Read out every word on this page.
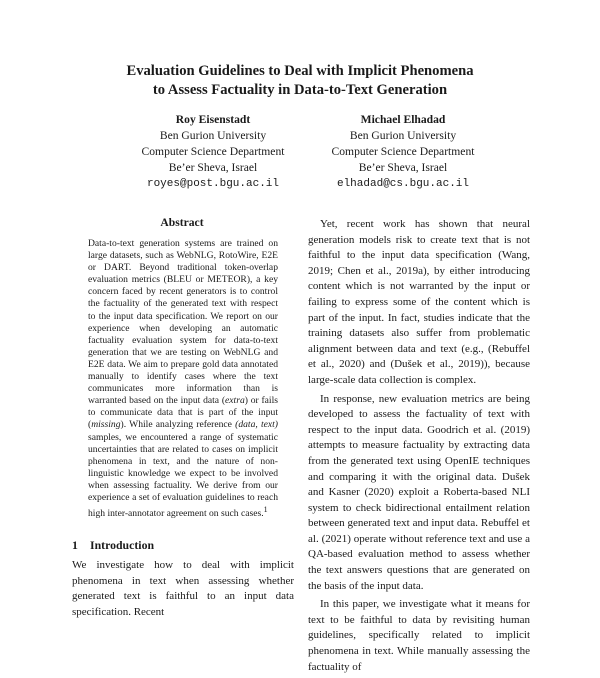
Evaluation Guidelines to Deal with Implicit Phenomena
to Assess Factuality in Data-to-Text Generation
Roy Eisenstadt
Ben Gurion University
Computer Science Department
Be’er Sheva, Israel
royes@post.bgu.ac.il
Michael Elhadad
Ben Gurion University
Computer Science Department
Be’er Sheva, Israel
elhadad@cs.bgu.ac.il
Abstract
Data-to-text generation systems are trained on large datasets, such as WebNLG, RotoWire, E2E or DART. Beyond traditional token-overlap evaluation metrics (BLEU or METEOR), a key concern faced by recent generators is to control the factuality of the generated text with respect to the input data specification. We report on our experience when developing an automatic factuality evaluation system for data-to-text generation that we are testing on WebNLG and E2E data. We aim to prepare gold data annotated manually to identify cases where the text communicates more information than is warranted based on the input data (extra) or fails to communicate data that is part of the input (missing). While analyzing reference (data, text) samples, we encountered a range of systematic uncertainties that are related to cases on implicit phenomena in text, and the nature of non-linguistic knowledge we expect to be involved when assessing factuality. We derive from our experience a set of evaluation guidelines to reach high inter-annotator agreement on such cases.$^1$
1 Introduction

We investigate how to deal with implicit phenomena in text when assessing whether generated text is faithful to an input data specification. Recent

Yet, recent work has shown that neural generation models risk to create text that is not faithful to the input data specification (Wang, 2019; Chen et al., 2019a), by either introducing content which is not warranted by the input or failing to express some of the content which is part of the input. In fact, studies indicate that the training datasets also suffer from problematic alignment between data and text (e.g., (Rebuffel et al., 2020) and (Dušek et al., 2019)), because large-scale data collection is complex.

In response, new evaluation metrics are being developed to assess the factuality of text with respect to the input data. Goodrich et al. (2019) attempts to measure factuality by extracting data from the generated text using OpenIE techniques and comparing it with the original data. Dušek and Kasner (2020) exploit a Roberta-based NLI system to check bidirectional entailment relation between generated text and input data. Rebuffel et al. (2021) operate without reference text and use a QA-based evaluation method to assess whether the text answers questions that are generated on the basis of the input data.

In this paper, we investigate what it means for text to be faithful to data by revisiting human guidelines, specifically related to implicit phenomena in text. While manually assessing the factuality of
